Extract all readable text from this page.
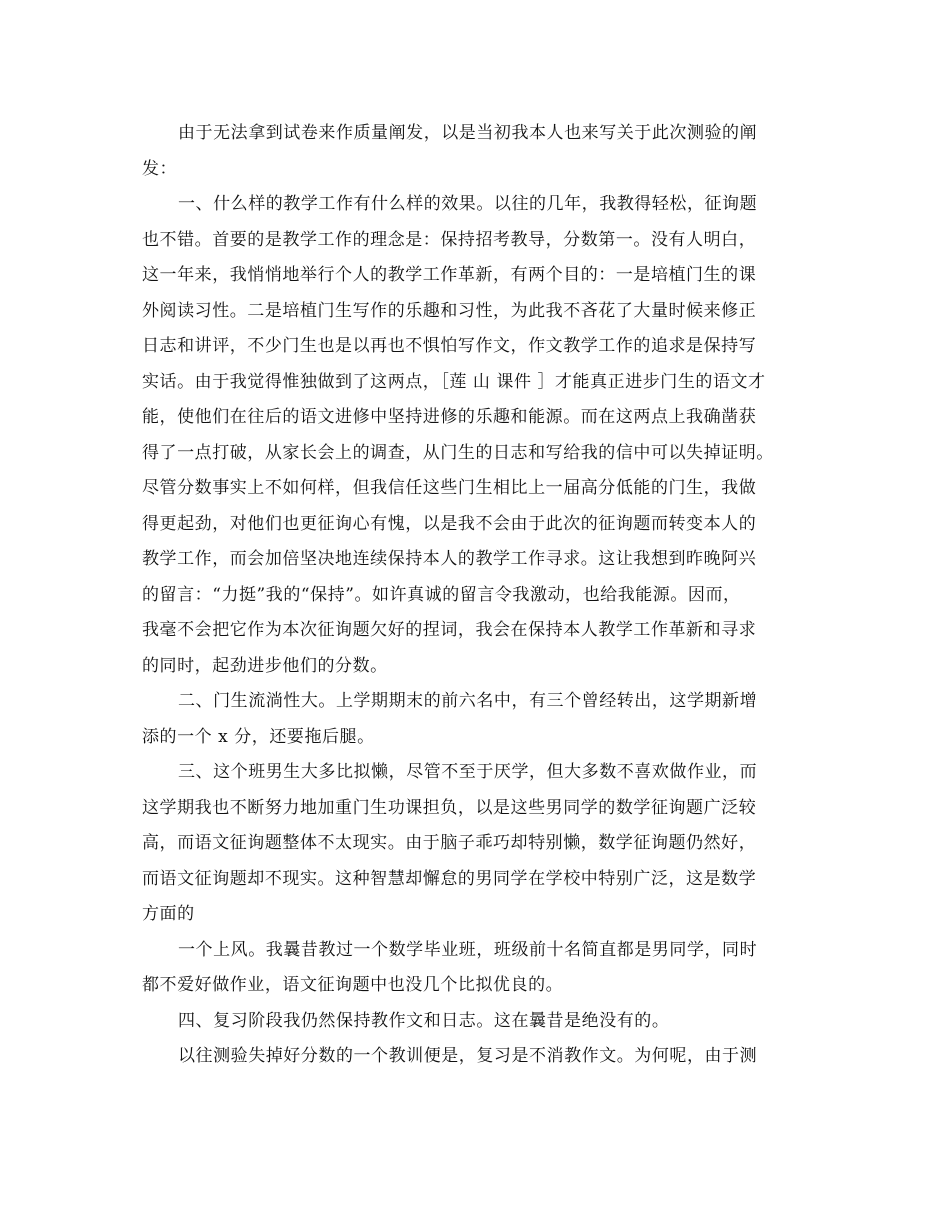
由于无法拿到试卷来作质量阐发，以是当初我本人也来写关于此次测验的阐
发：
一、什么样的教学工作有什么样的效果。以往的几年，我教得轻松，征询题
也不错。首要的是教学工作的理念是：保持招考教导，分数第一。没有人明白，
这一年来，我悄悄地举行个人的教学工作革新，有两个目的：一是培植门生的课
外阅读习性。二是培植门生写作的乐趣和习性，为此我不吝花了大量时候来修正
日志和讲评，不少门生也是以再也不惧怕写作文，作文教学工作的追求是保持写
实话。由于我觉得惟独做到了这两点，［莲 山 课件 ］才能真正进步门生的语文才
能，使他们在往后的语文进修中坚持进修的乐趣和能源。而在这两点上我确凿获
得了一点打破，从家长会上的调查，从门生的日志和写给我的信中可以失掉证明。
尽管分数事实上不如何样，但我信任这些门生相比上一届高分低能的门生，我做
得更起劲，对他们也更征询心有愧，以是我不会由于此次的征询题而转变本人的
教学工作，而会加倍坚决地连续保持本人的教学工作寻求。这让我想到昨晚阿兴
的留言：“力挺”我的“保持”。如许真诚的留言令我激动，也给我能源。因而，
我毫不会把它作为本次征询题欠好的捏词，我会在保持本人教学工作革新和寻求
的同时，起劲进步他们的分数。
二、门生流淌性大。上学期期末的前六名中，有三个曾经转出，这学期新增
添的一个 x 分，还要拖后腿。
三、这个班男生大多比拟懒，尽管不至于厌学，但大多数不喜欢做作业，而
这学期我也不断努力地加重门生功课担负，以是这些男同学的数学征询题广泛较
高，而语文征询题整体不太现实。由于脑子乖巧却特别懒，数学征询题仍然好，
而语文征询题却不现实。这种智慧却懈怠的男同学在学校中特别广泛，这是数学
方面的
一个上风。我曩昔教过一个数学毕业班，班级前十名简直都是男同学，同时
都不爱好做作业，语文征询题中也没几个比拟优良的。
四、复习阶段我仍然保持教作文和日志。这在曩昔是绝没有的。
以往测验失掉好分数的一个教训便是，复习是不消教作文。为何呢，由于测
